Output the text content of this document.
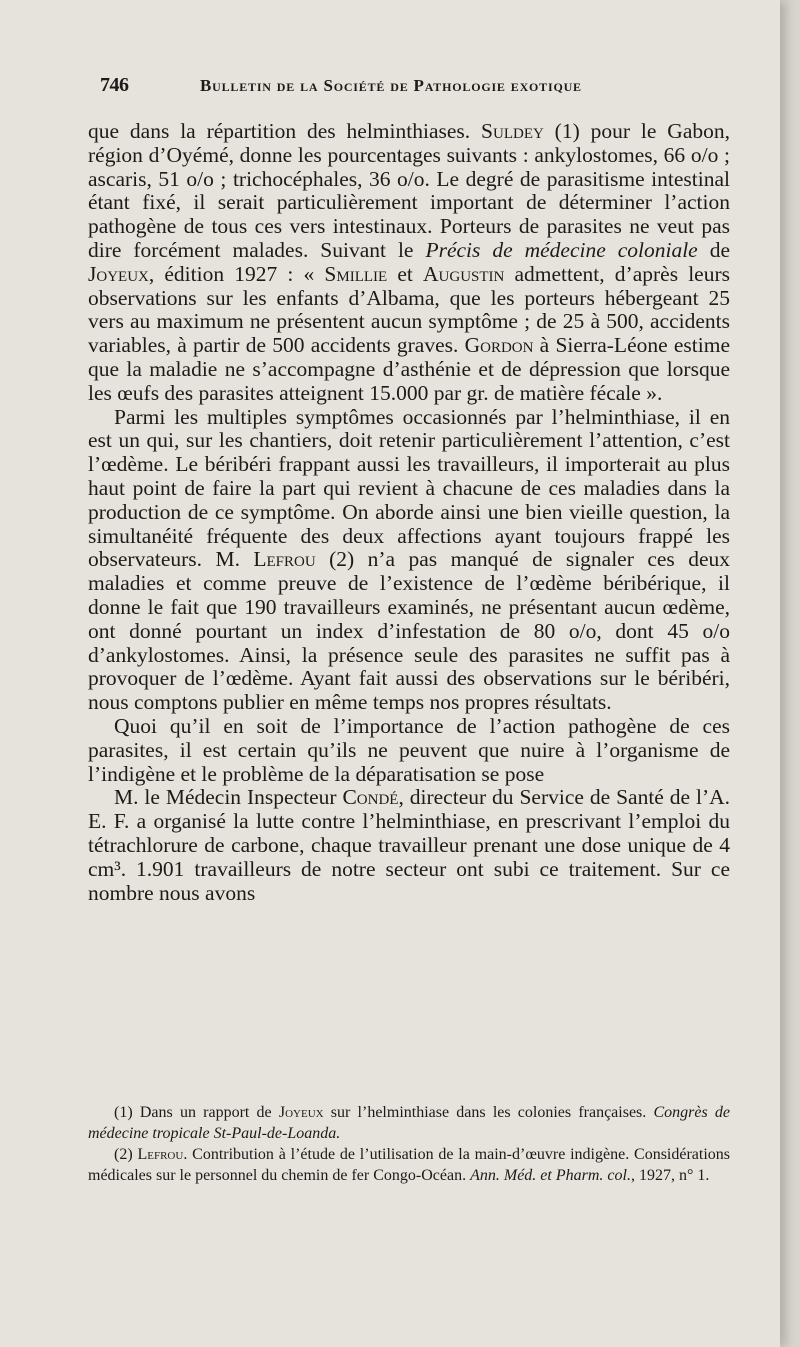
746	Bulletin de la Société de Pathologie exotique

que dans la répartition des helminthiases. Suldey (1) pour le Gabon, région d’Oyémé, donne les pourcentages suivants : ankylostomes, 66 o/o ; ascaris, 51 o/o ; trichocéphales, 36 o/o. Le degré de parasitisme intestinal étant fixé, il serait particulièrement important de déterminer l’action pathogène de tous ces vers intestinaux. Porteurs de parasites ne veut pas dire forcément malades. Suivant le Précis de médecine coloniale de Joyeux, édition 1927 : « Smillie et Augustin admettent, d’après leurs observations sur les enfants d’Albama, que les porteurs hébergeant 25 vers au maximum ne présentent aucun symptôme ; de 25 à 500, accidents variables, à partir de 500 accidents graves. Gordon à Sierra-Léone estime que la maladie ne s’accompagne d’asthénie et de dépression que lorsque les œufs des parasites atteignent 15.000 par gr. de matière fécale ».

Parmi les multiples symptômes occasionnés par l’helminthiase, il en est un qui, sur les chantiers, doit retenir particulièrement l’attention, c’est l’œdème. Le béribéri frappant aussi les travailleurs, il importerait au plus haut point de faire la part qui revient à chacune de ces maladies dans la production de ce symptôme. On aborde ainsi une bien vieille question, la simultanéité fréquente des deux affections ayant toujours frappé les observateurs. M. Lefrou (2) n’a pas manqué de signaler ces deux maladies et comme preuve de l’existence de l’œdème béribérique, il donne le fait que 190 travailleurs examinés, ne présentant aucun œdème, ont donné pourtant un index d’infestation de 80 o/o, dont 45 o/o d’ankylostomes. Ainsi, la présence seule des parasites ne suffit pas à provoquer de l’œdème. Ayant fait aussi des observations sur le béribéri, nous comptons publier en même temps nos propres résultats.

Quoi qu’il en soit de l’importance de l’action pathogène de ces parasites, il est certain qu’ils ne peuvent que nuire à l’organisme de l’indigène et le problème de la déparatisation se pose

M. le Médecin Inspecteur Condé, directeur du Service de Santé de l’A. E. F. a organisé la lutte contre l’helminthiase, en prescrivant l’emploi du tétrachlorure de carbone, chaque travailleur prenant une dose unique de 4 cm³. 1.901 travailleurs de notre secteur ont subi ce traitement. Sur ce nombre nous avons

(1) Dans un rapport de Joyeux sur l’helminthiase dans les colonies françaises. Congrès de médecine tropicale St-Paul-de-Loanda.

(2) Lefrou. Contribution à l’étude de l’utilisation de la main-d’œuvre indigène. Considérations médicales sur le personnel du chemin de fer Congo-Océan. Ann. Méd. et Pharm. col., 1927, n° 1.
